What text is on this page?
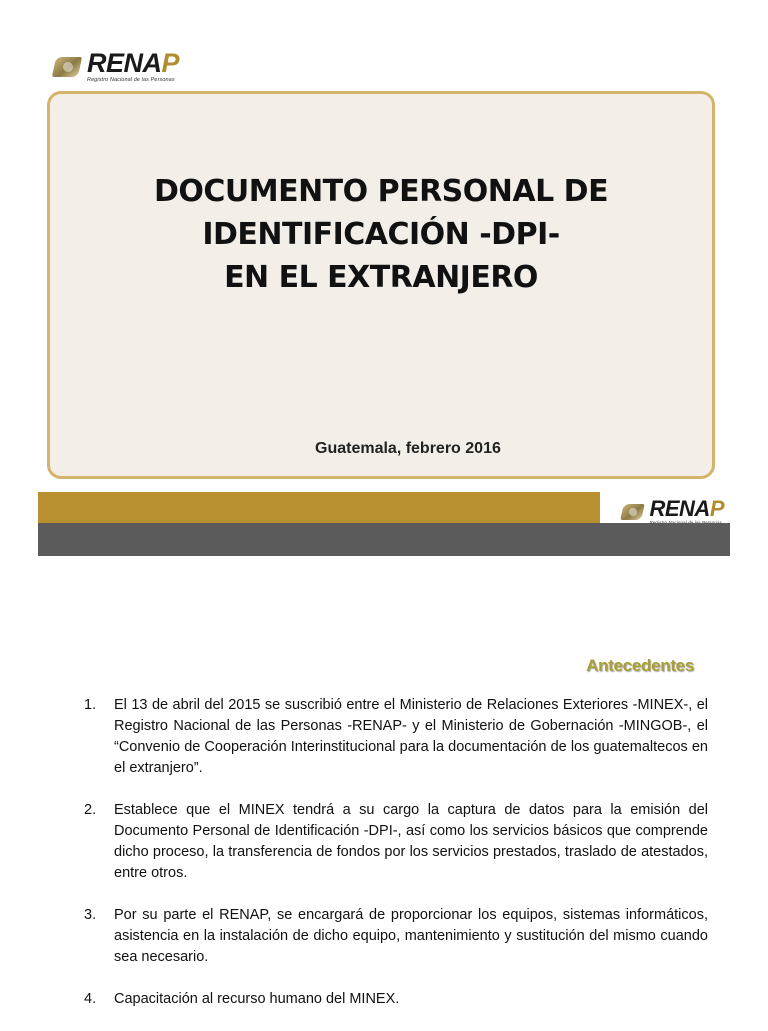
RENAP
Registro Nacional de las Personas
DOCUMENTO PERSONAL DE
IDENTIFICACIÓN -DPI-
EN EL EXTRANJERO
Guatemala, febrero 2016
RENAP
Antecedentes
1.	El 13 de abril del 2015 se suscribió entre el Ministerio de Relaciones Exteriores -MINEX-, el Registro Nacional de las Personas -RENAP- y el Ministerio de Gobernación -MINGOB-, el “Convenio de Cooperación Interinstitucional para la documentación de los guatemaltecos en el extranjero”.
2.	Establece que el MINEX tendrá a su cargo la captura de datos para la emisión del Documento Personal de Identificación -DPI-, así como los servicios básicos que comprende dicho proceso, la transferencia de fondos por los servicios prestados, traslado de atestados, entre otros.
3.	Por su parte el RENAP, se encargará de proporcionar los equipos, sistemas informáticos, asistencia en la instalación de dicho equipo, mantenimiento y sustitución del mismo cuando sea necesario.
4.	Capacitación al recurso humano del MINEX.
